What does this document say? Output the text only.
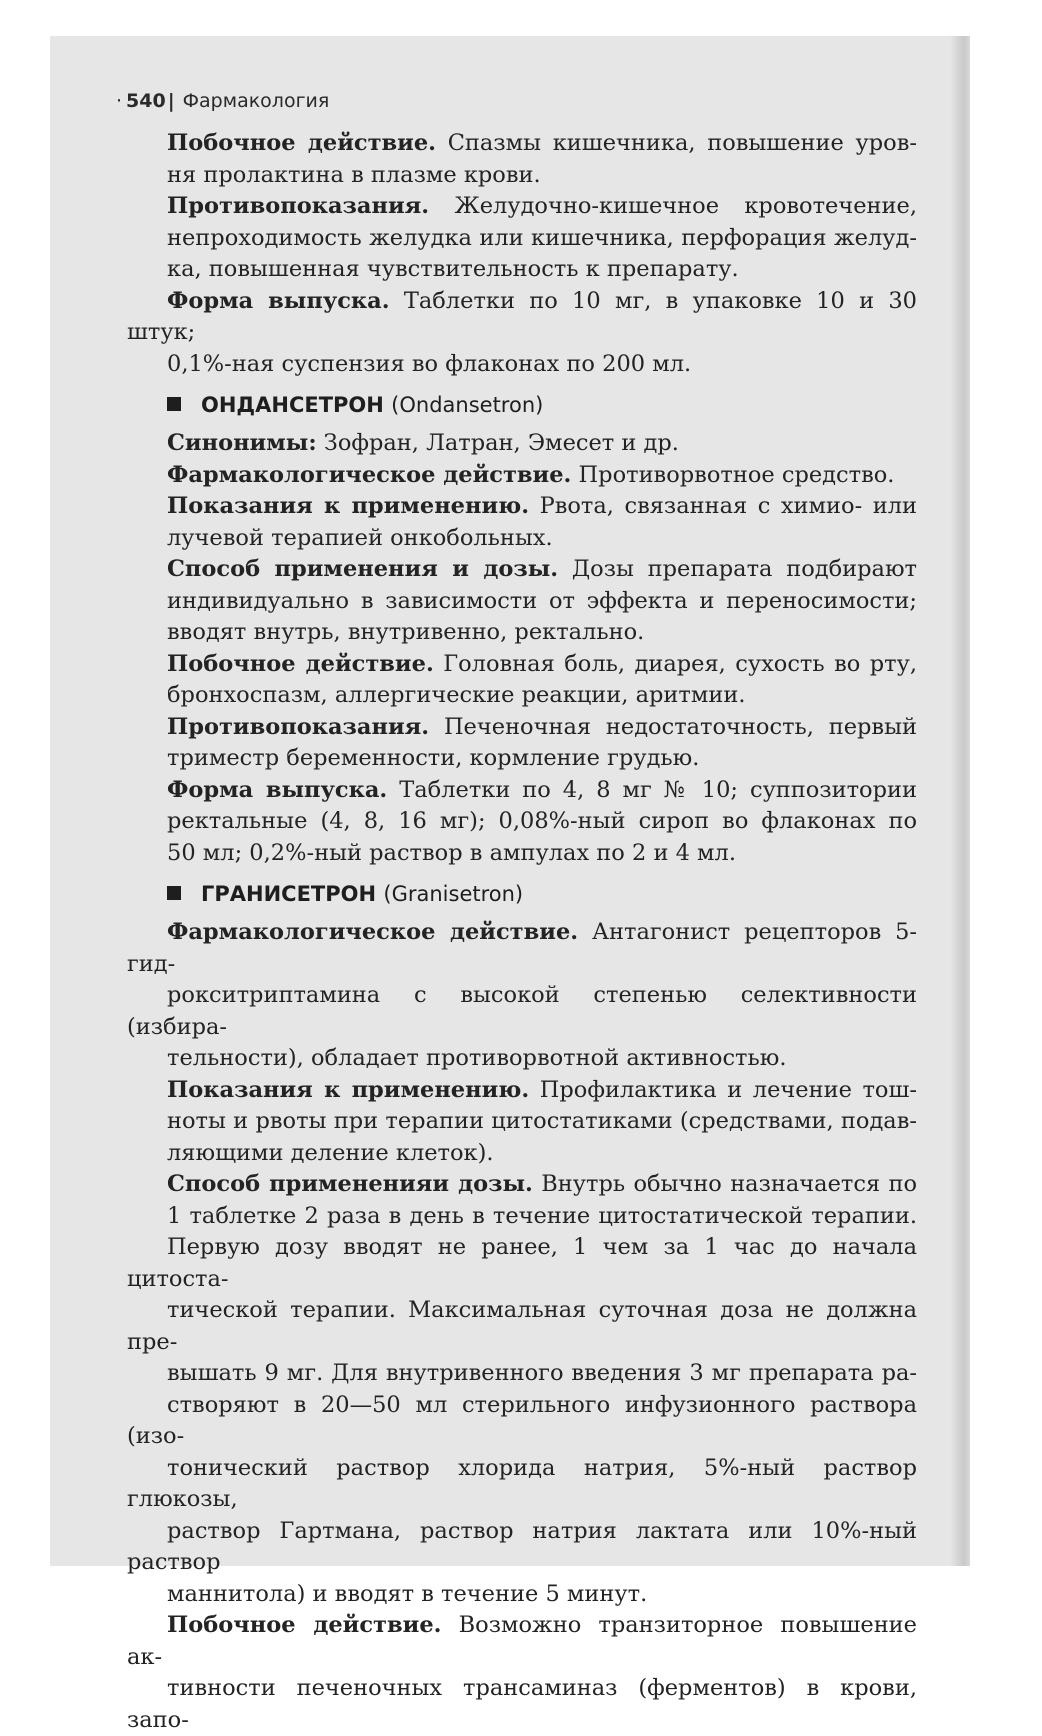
· 540 | Фармакология
Побочное действие. Спазмы кишечника, повышение уров-
ня пролактина в плазме крови.
Противопоказания. Желудочно-кишечное кровотечение,
непроходимость желудка или кишечника, перфорация желуд-
ка, повышенная чувствительность к препарату.
Форма выпуска. Таблетки по 10 мг, в упаковке 10 и 30 штук;
0,1%-ная суспензия во флаконах по 200 мл.
ОНДАНСЕТРОН (Ondansetron)
Синонимы: Зофран, Латран, Эмесет и др.
Фармакологическое действие. Противорвотное средство.
Показания к применению. Рвота, связанная с химио- или
лучевой терапией онкобольных.
Способ применения и дозы. Дозы препарата подбирают
индивидуально в зависимости от эффекта и переносимости;
вводят внутрь, внутривенно, ректально.
Побочное действие. Головная боль, диарея, сухость во рту,
бронхоспазм, аллергические реакции, аритмии.
Противопоказания. Печеночная недостаточность, первый
триместр беременности, кормление грудью.
Форма выпуска. Таблетки по 4, 8 мг № 10; суппозитории
ректальные (4, 8, 16 мг); 0,08%-ный сироп во флаконах по
50 мл; 0,2%-ный раствор в ампулах по 2 и 4 мл.
ГРАНИСЕТРОН (Granisetron)
Фармакологическое действие. Антагонист рецепторов 5-гид-
рокситриптамина с высокой степенью селективности (избира-
тельности), обладает противорвотной активностью.
Показания к применению. Профилактика и лечение тош-
ноты и рвоты при терапии цитостатиками (средствами, подав-
ляющими деление клеток).
Способ примененияи дозы. Внутрь обычно назначается по
1 таблетке 2 раза в день в течение цитостатической терапии.
Первую дозу вводят не ранее, 1 чем за 1 час до начала цитоста-
тической терапии. Максимальная суточная доза не должна пре-
вышать 9 мг. Для внутривенного введения 3 мг препарата ра-
створяют в 20—50 мл стерильного инфузионного раствора (изо-
тонический раствор хлорида натрия, 5%-ный раствор глюкозы,
раствор Гартмана, раствор натрия лактата или 10%-ный раствор
маннитола) и вводят в течение 5 минут.
Побочное действие. Возможно транзиторное повышение ак-
тивности печеночных трансаминаз (ферментов) в крови, запо-
